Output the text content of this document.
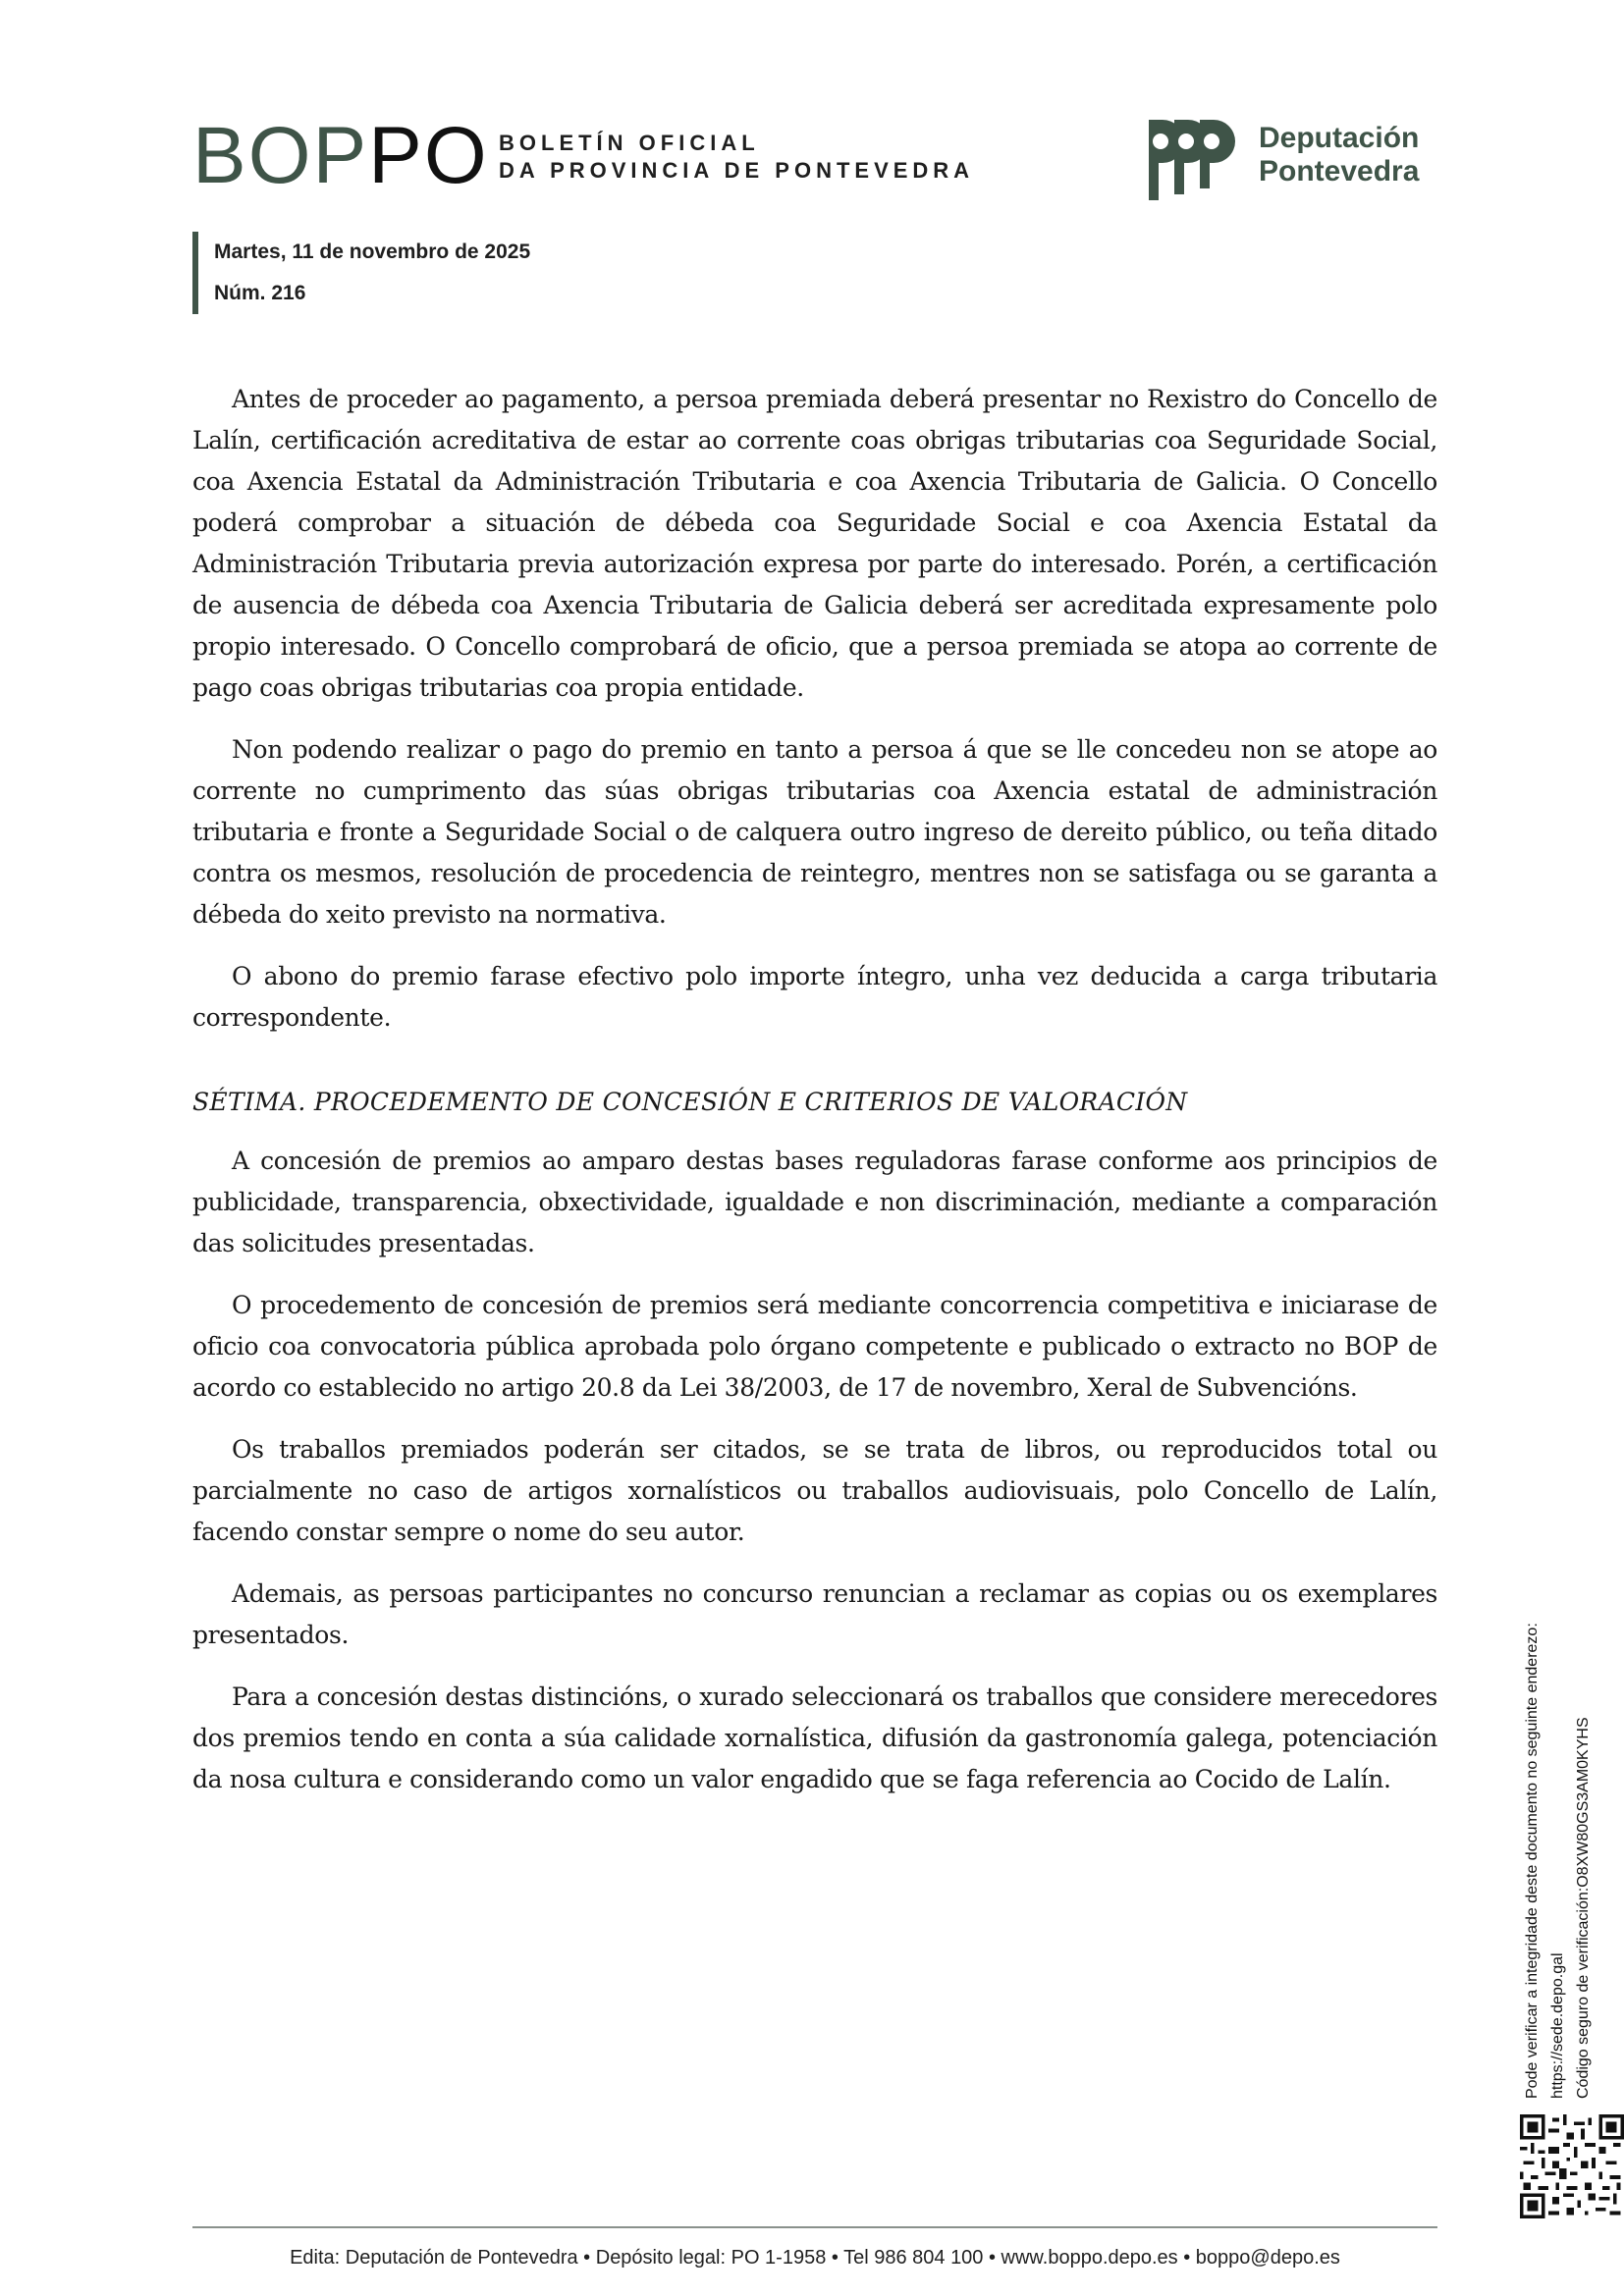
BOPPO BOLETÍN OFICIAL
DA PROVINCIA DE PONTEVEDRA
Deputación
Pontevedra
Martes, 11 de novembro de 2025
Núm. 216

Antes de proceder ao pagamento, a persoa premiada deberá presentar no Rexistro do Concello de Lalín, certificación acreditativa de estar ao corrente coas obrigas tributarias coa Seguridade Social, coa Axencia Estatal da Administración Tributaria e coa Axencia Tributaria de Galicia. O Concello poderá comprobar a situación de débeda coa Seguridade Social e coa Axencia Estatal da Administración Tributaria previa autorización expresa por parte do interesado. Porén, a certificación de ausencia de débeda coa Axencia Tributaria de Galicia deberá ser acreditada expresamente polo propio interesado. O Concello comprobará de oficio, que a persoa premiada se atopa ao corrente de pago coas obrigas tributarias coa propia entidade.

Non podendo realizar o pago do premio en tanto a persoa á que se lle concedeu non se atope ao corrente no cumprimento das súas obrigas tributarias coa Axencia estatal de administración tributaria e fronte a Seguridade Social o de calquera outro ingreso de dereito público, ou teña ditado contra os mesmos, resolución de procedencia de reintegro, mentres non se satisfaga ou se garanta a débeda do xeito previsto na normativa.

O abono do premio farase efectivo polo importe íntegro, unha vez deducida a carga tributaria correspondente.

SÉTIMA. PROCEDEMENTO DE CONCESIÓN E CRITERIOS DE VALORACIÓN

A concesión de premios ao amparo destas bases reguladoras farase conforme aos principios de publicidade, transparencia, obxectividade, igualdade e non discriminación, mediante a comparación das solicitudes presentadas.

O procedemento de concesión de premios será mediante concorrencia competitiva e iniciarase de oficio coa convocatoria pública aprobada polo órgano competente e publicado o extracto no BOP de acordo co establecido no artigo 20.8 da Lei 38/2003, de 17 de novembro, Xeral de Subvencións.

Os traballos premiados poderán ser citados, se se trata de libros, ou reproducidos total ou parcialmente no caso de artigos xornalísticos ou traballos audiovisuais, polo Concello de Lalín, facendo constar sempre o nome do seu autor.

Ademais, as persoas participantes no concurso renuncian a reclamar as copias ou os exemplares presentados.

Para a concesión destas distincións, o xurado seleccionará os traballos que considere merecedores dos premios tendo en conta a súa calidade xornalística, difusión da gastronomía galega, potenciación da nosa cultura e considerando como un valor engadido que se faga referencia ao Cocido de Lalín.	Pode verificar a integridade deste documento no seguinte enderezo: https://sede.depo.gal Código seguro de verificación:O8XW80GS3AM0KYHS
Edita: Deputación de Pontevedra • Depósito legal: PO 1-1958 • Tel 986 804 100 • www.boppo.depo.es • boppo@depo.es
